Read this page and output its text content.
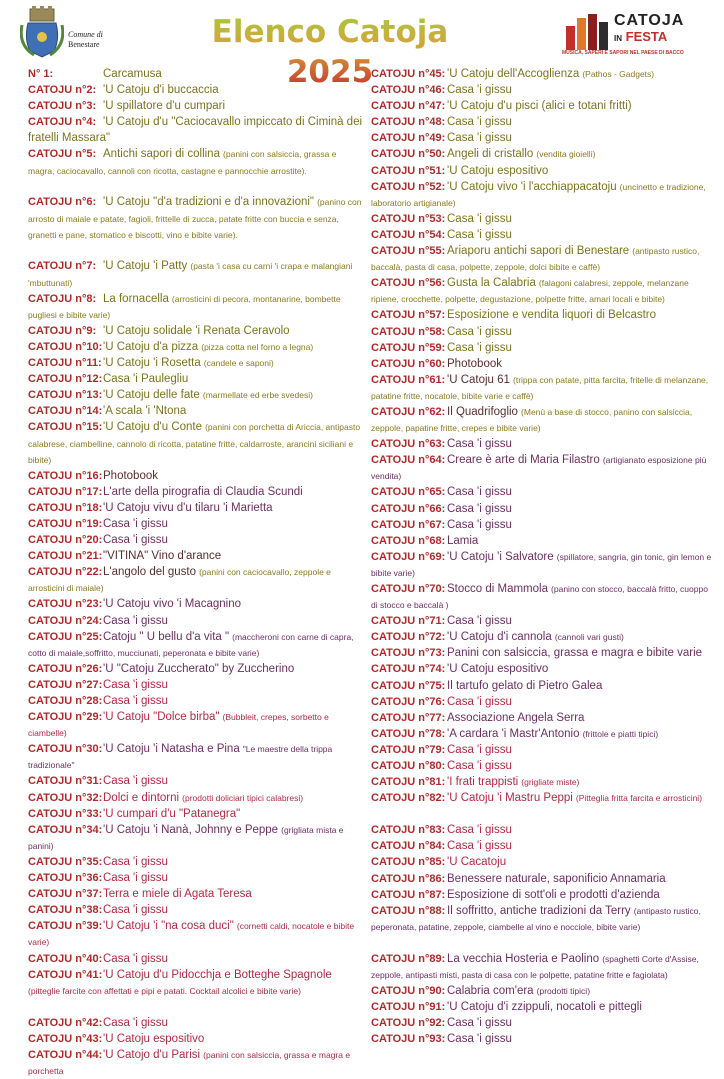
Comune di
Benestare	Elenco Catoja 2025
CATOJA
IN FESTA
MUSICA, SAPERI E SAPORI NEL PAESE DI BACCO
N° 1:	Carcamusa
CATOJU n°2: 'U Catoju d'i buccaccia
CATOJU n°3: 'U spillatore d'u cumpari
CATOJU n°4: 'U Catoju d'u "Caciocavallo impiccato di Ciminà dei fratelli Massara"
CATOJU n°5: Antichi sapori di collina (panini con salsiccia, grassa e magra, caciocavallo, cannoli con ricotta, castagne e pannocchie arrostite).
CATOJU n°6: 'U Catoju "d'a tradizioni e d'a innovazioni" (panino con arrosto di maiale e patate, fagioli, frittelle di zucca, patate fritte con buccia e senza, granetti e pane, stomatico e biscotti, vino e bibite varie).
CATOJU n°7: 'U Catoju 'i Patty (pasta 'i casa cu carni 'i crapa e malangiani 'mbuttunati)
CATOJU n°8: La fornacella (arrosticini di pecora, montanarine, bombette pugliesi e bibite varie)
CATOJU n°9: 'U Catoju solidale 'i Renata Ceravolo
CATOJU n°10:'U Catoju d'a pizza (pizza cotta nel forno a legna)
CATOJU n°11:'U Catoju 'i Rosetta (candele e saponi)
CATOJU n°12:Casa 'i Paulegliu
CATOJU n°13:'U Catoju delle fate (marmellate ed erbe svedesi)
CATOJU n°14:'A scala 'i 'Ntona
CATOJU n°15:'U Catoju d'u Conte (panini con porchetta di Ariccia, antipasto calabrese, ciambelline, cannolo di ricotta, patatine fritte, caldarroste, arancini siciliani e bibite)
CATOJU n°16:Photobook
CATOJU n°17:L'arte della pirografia di Claudia Scundi
CATOJU n°18:'U Catoju vivu d'u tilaru 'i Marietta
CATOJU n°19:Casa 'i gissu
CATOJU n°20:Casa 'i gissu
CATOJU n°21:"VITINA" Vino d'arance
CATOJU n°22:L'angolo del gusto (panini con caciocavallo, zeppole e arrosticini di maiale)
CATOJU n°23:'U Catoju vivo 'i Macagnino
CATOJU n°24:Casa 'i gissu
CATOJU n°25:Catoju " U bellu d'a vita " (maccheroni con carne di capra, cotto di maiale,soffritto, mucciunati, peperonata e bibite varie)
CATOJU n°26:'U "Catoju Zuccherato" by Zuccherino
CATOJU n°27:Casa 'i gissu
CATOJU n°28:Casa 'i gissu
CATOJU n°29:'U Catoju "Dolce birba" (Bubbleit, crepes, sorbetto e ciambelle)
CATOJU n°30:'U Catoju 'i Natasha e Pina "Le maestre della trippa tradizionale"
CATOJU n°31:Casa 'i gissu
CATOJU n°32:Dolci e dintorni (prodotti doliciari tipici calabresi)
CATOJU n°33:'U cumpari d'u "Patanegra"
CATOJU n°34:'U Catoju 'i Nanà, Johnny e Peppe (grigliata mista e panini)
CATOJU n°35:Casa 'i gissu
CATOJU n°36:Casa 'i gissu
CATOJU n°37:Terra e miele di Agata Teresa
CATOJU n°38:Casa 'i gissu
CATOJU n°39:'U Catoju 'i "na cosa duci" (cornetti caldi, nocatole e bibite varie)
CATOJU n°40:Casa 'i gissu
CATOJU n°41:'U Catoju d'u Pidocchja e Botteghe Spagnole (pitteglie farcite con affettati e pipi e patati. Cocktail alcolici e bibite varie)
CATOJU n°42:Casa 'i gissu
CATOJU n°43:'U Catoju espositivo
CATOJU n°44:'U Catojo d'u Parisi (panini con salsiccia, grassa e magra e porchetta
CATOJU n°45: 'U Catoju dell'Accoglienza (Pathos - Gadgets)
CATOJU n°46: Casa 'i gissu
CATOJU n°47: 'U Catoju d'u pisci (alici e totani fritti)
CATOJU n°48: Casa 'i gissu
CATOJU n°49: Casa 'i gissu
CATOJU n°50: Angeli di cristallo (vendita gioielli)
CATOJU n°51: 'U Catoju espositivo
CATOJU n°52: 'U Catoju vivo 'i l'acchiappacatoju (uncinetto e tradizione, laboratorio artigianale)
CATOJU n°53: Casa 'i gissu
CATOJU n°54: Casa 'i gissu
CATOJU n°55: Ariaporu antichi sapori di Benestare (antipasto rustico, baccalà, pasta di casa, polpette, zeppole, dolci bibite e caffè)
CATOJU n°56: Gusta la Calabria (falagoni calabresi, zeppole, melanzane ripiene, crocchette, polpette, degustazione, polpette fritte, amari locali e bibite)
CATOJU n°57: Esposizione e vendita liquori di Belcastro
CATOJU n°58: Casa 'i gissu
CATOJU n°59: Casa 'i gissu
CATOJU n°60: Photobook
CATOJU n°61: 'U Catoju 61 (trippa con patate, pitta farcita, fritelle di melanzane, patatine fritte, nocatole, bibite varie e caffè)
CATOJU n°62: Il Quadrifoglio (Menù a base di stocco, panino con salsiccia, zeppole, papatine fritte, crepes e bibite varie)
CATOJU n°63: Casa 'i gissu
CATOJU n°64: Creare è arte di Maria Filastro (artigianato esposizione più vendita)
CATOJU n°65: Casa 'i gissu
CATOJU n°66: Casa 'i gissu
CATOJU n°67: Casa 'i gissu
CATOJU n°68: Lamia
CATOJU n°69: 'U Catoju 'i Salvatore (spillatore, sangria, gin tonic, gin lemon e bibite varie)
CATOJU n°70: Stocco di Mammola (panino con stocco, baccalà fritto, cuoppo di stocco e baccalà )
CATOJU n°71: Casa 'i gissu
CATOJU n°72: 'U Catoju d'i cannola (cannoli vari gusti)
CATOJU n°73: Panini con salsiccia, grassa e magra e bibite varie
CATOJU n°74: 'U Catoju espositivo
CATOJU n°75: Il tartufo gelato di Pietro Galea
CATOJU n°76: Casa 'i gissu
CATOJU n°77: Associazione Angela Serra
CATOJU n°78: 'A cardara 'i Mastr'Antonio (frittole e piatti tipici)
CATOJU n°79: Casa 'i gissu
CATOJU n°80: Casa 'i gissu
CATOJU n°81: 'I frati trappisti (grigliate miste)
CATOJU n°82: 'U Catoju 'i Mastru Peppi (Pitteglia fritta farcita e arrosticini)
CATOJU n°83: Casa 'i gissu
CATOJU n°84: Casa 'i gissu
CATOJU n°85: 'U Cacatoju
CATOJU n°86: Benessere naturale, saponificio Annamaria
CATOJU n°87: Esposizione di sott'oli e prodotti d'azienda
CATOJU n°88: Il soffritto, antiche tradizioni da Terry (antipasto rustico, peperonata, patatine, zeppole, ciambelle al vino e nocciole, bibite varie)
CATOJU n°89: La vecchia Hosteria e Paolino (spaghetti Corte d'Assise, zeppole, antipasti misti, pasta di casa con le polpette, patatine fritte e fagiolata)
CATOJU n°90: Calabria com'era (prodotti tipici)
CATOJU n°91: 'U Catoju d'i zzippuli, nocatoli e pittegli
CATOJU n°92: Casa 'i gissu
CATOJU n°93: Casa 'i gissu
